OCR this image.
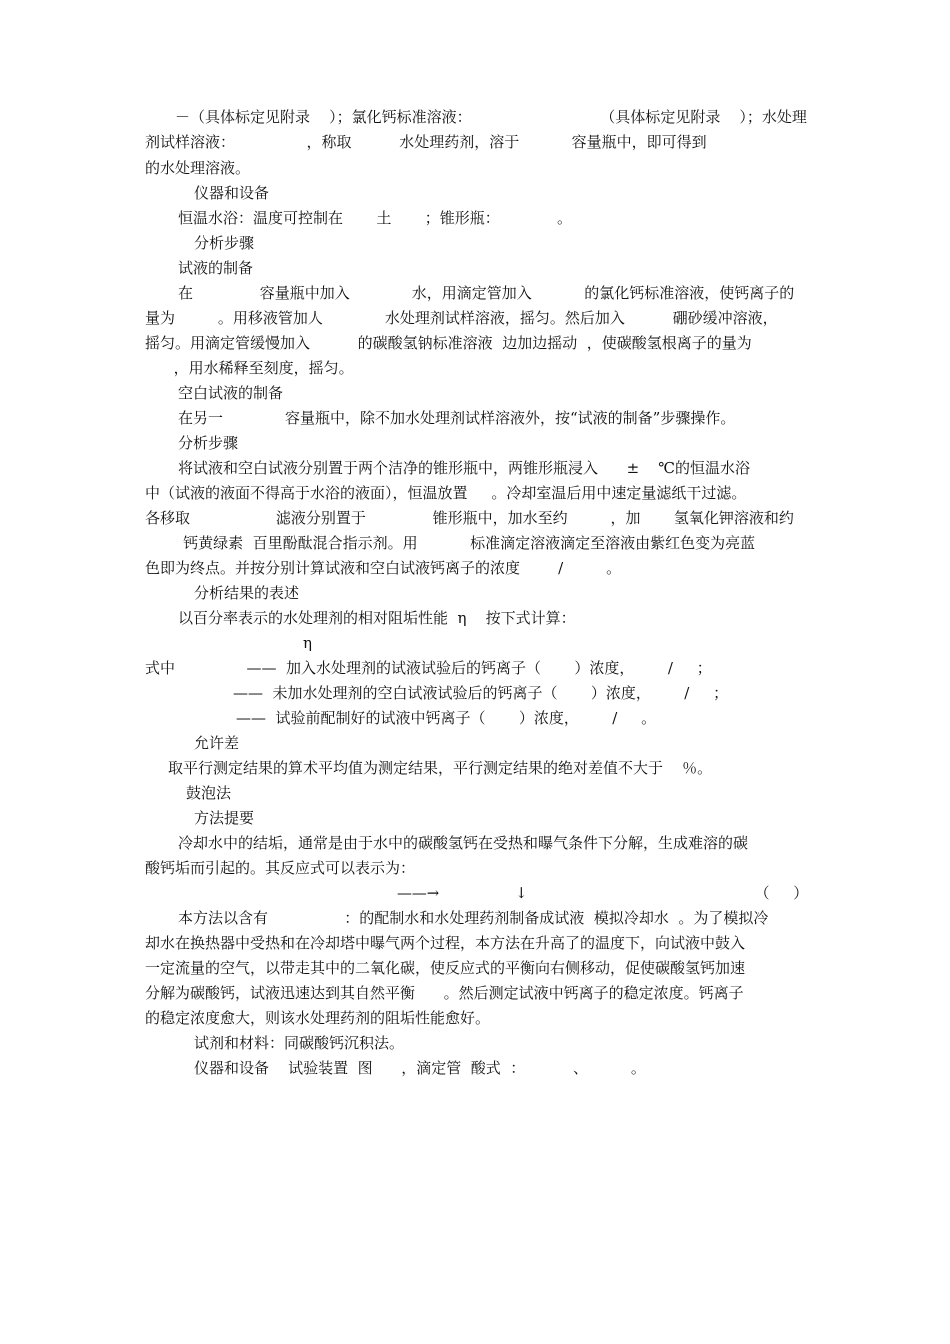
－（具体标定见附录    ）；氯化钙标准溶液：                           （具体标定见附录    ）；水处理
剂试样溶液：               ，称取          水处理药剂，溶于           容量瓶中，即可得到
的水处理溶液。
仪器和设备
恒温水浴：温度可控制在       土       ；锥形瓶：            。
分析步骤
试液的制备
在              容量瓶中加入             水，用滴定管加入           的氯化钙标准溶液，使钙离子的
量为         。用移液管加人             水处理剂试样溶液，摇匀。然后加入          硼砂缓冲溶液，
摇匀。用滴定管缓慢加入          的碳酸氢钠标准溶液  边加边摇动  ，使碳酸氢根离子的量为
，用水稀释至刻度，摇匀。
空白试液的制备
在另一             容量瓶中，除不加水处理剂试样溶液外，按“试液的制备”步骤操作。
分析步骤
将试液和空白试液分别置于两个洁净的锥形瓶中，两锥形瓶浸入      ±    ℃的恒温水浴
中（试液的液面不得高于水浴的液面），恒温放置     。冷却室温后用中速定量滤纸干过滤。
各移取                  滤液分别置于              锥形瓶中，加水至约         ，加       氢氧化钾溶液和约
钙黄绿素  百里酚酞混合指示剂。用           标准滴定溶液滴定至溶液由紫红色变为亮蓝
色即为终点。并按分别计算试液和空白试液钙离子的浓度        /         。
分析结果的表述
以百分率表示的水处理剂的相对阻垢性能  η    按下式计算：
η
式中               ——  加入水处理剂的试液试验后的钙离子（       ）浓度，       /     ；
——  未加水处理剂的空白试液试验后的钙离子（       ）浓度，       /     ；
——  试验前配制好的试液中钙离子（       ）浓度，       /     。
允许差
取平行测定结果的算术平均值为测定结果，平行测定结果的绝对差值不大于    ％。
鼓泡法
方法提要
冷却水中的结垢，通常是由于水中的碳酸氢钙在受热和曝气条件下分解，生成难溶的碳
酸钙垢而引起的。其反应式可以表示为：
——→                ↓                                                （     ）
本方法以含有                ：的配制水和水处理药剂制备成试液  模拟冷却水  。为了模拟冷
却水在换热器中受热和在冷却塔中曝气两个过程，本方法在升高了的温度下，向试液中鼓入
一定流量的空气，以带走其中的二氧化碳，使反应式的平衡向右侧移动，促使碳酸氢钙加速
分解为碳酸钙，试液迅速达到其自然平衡      。然后测定试液中钙离子的稳定浓度。钙离子
的稳定浓度愈大，则该水处理药剂的阻垢性能愈好。
试剂和材料：同碳酸钙沉积法。
仪器和设备    试验装置  图      ，滴定管  酸式  ：          、         。
